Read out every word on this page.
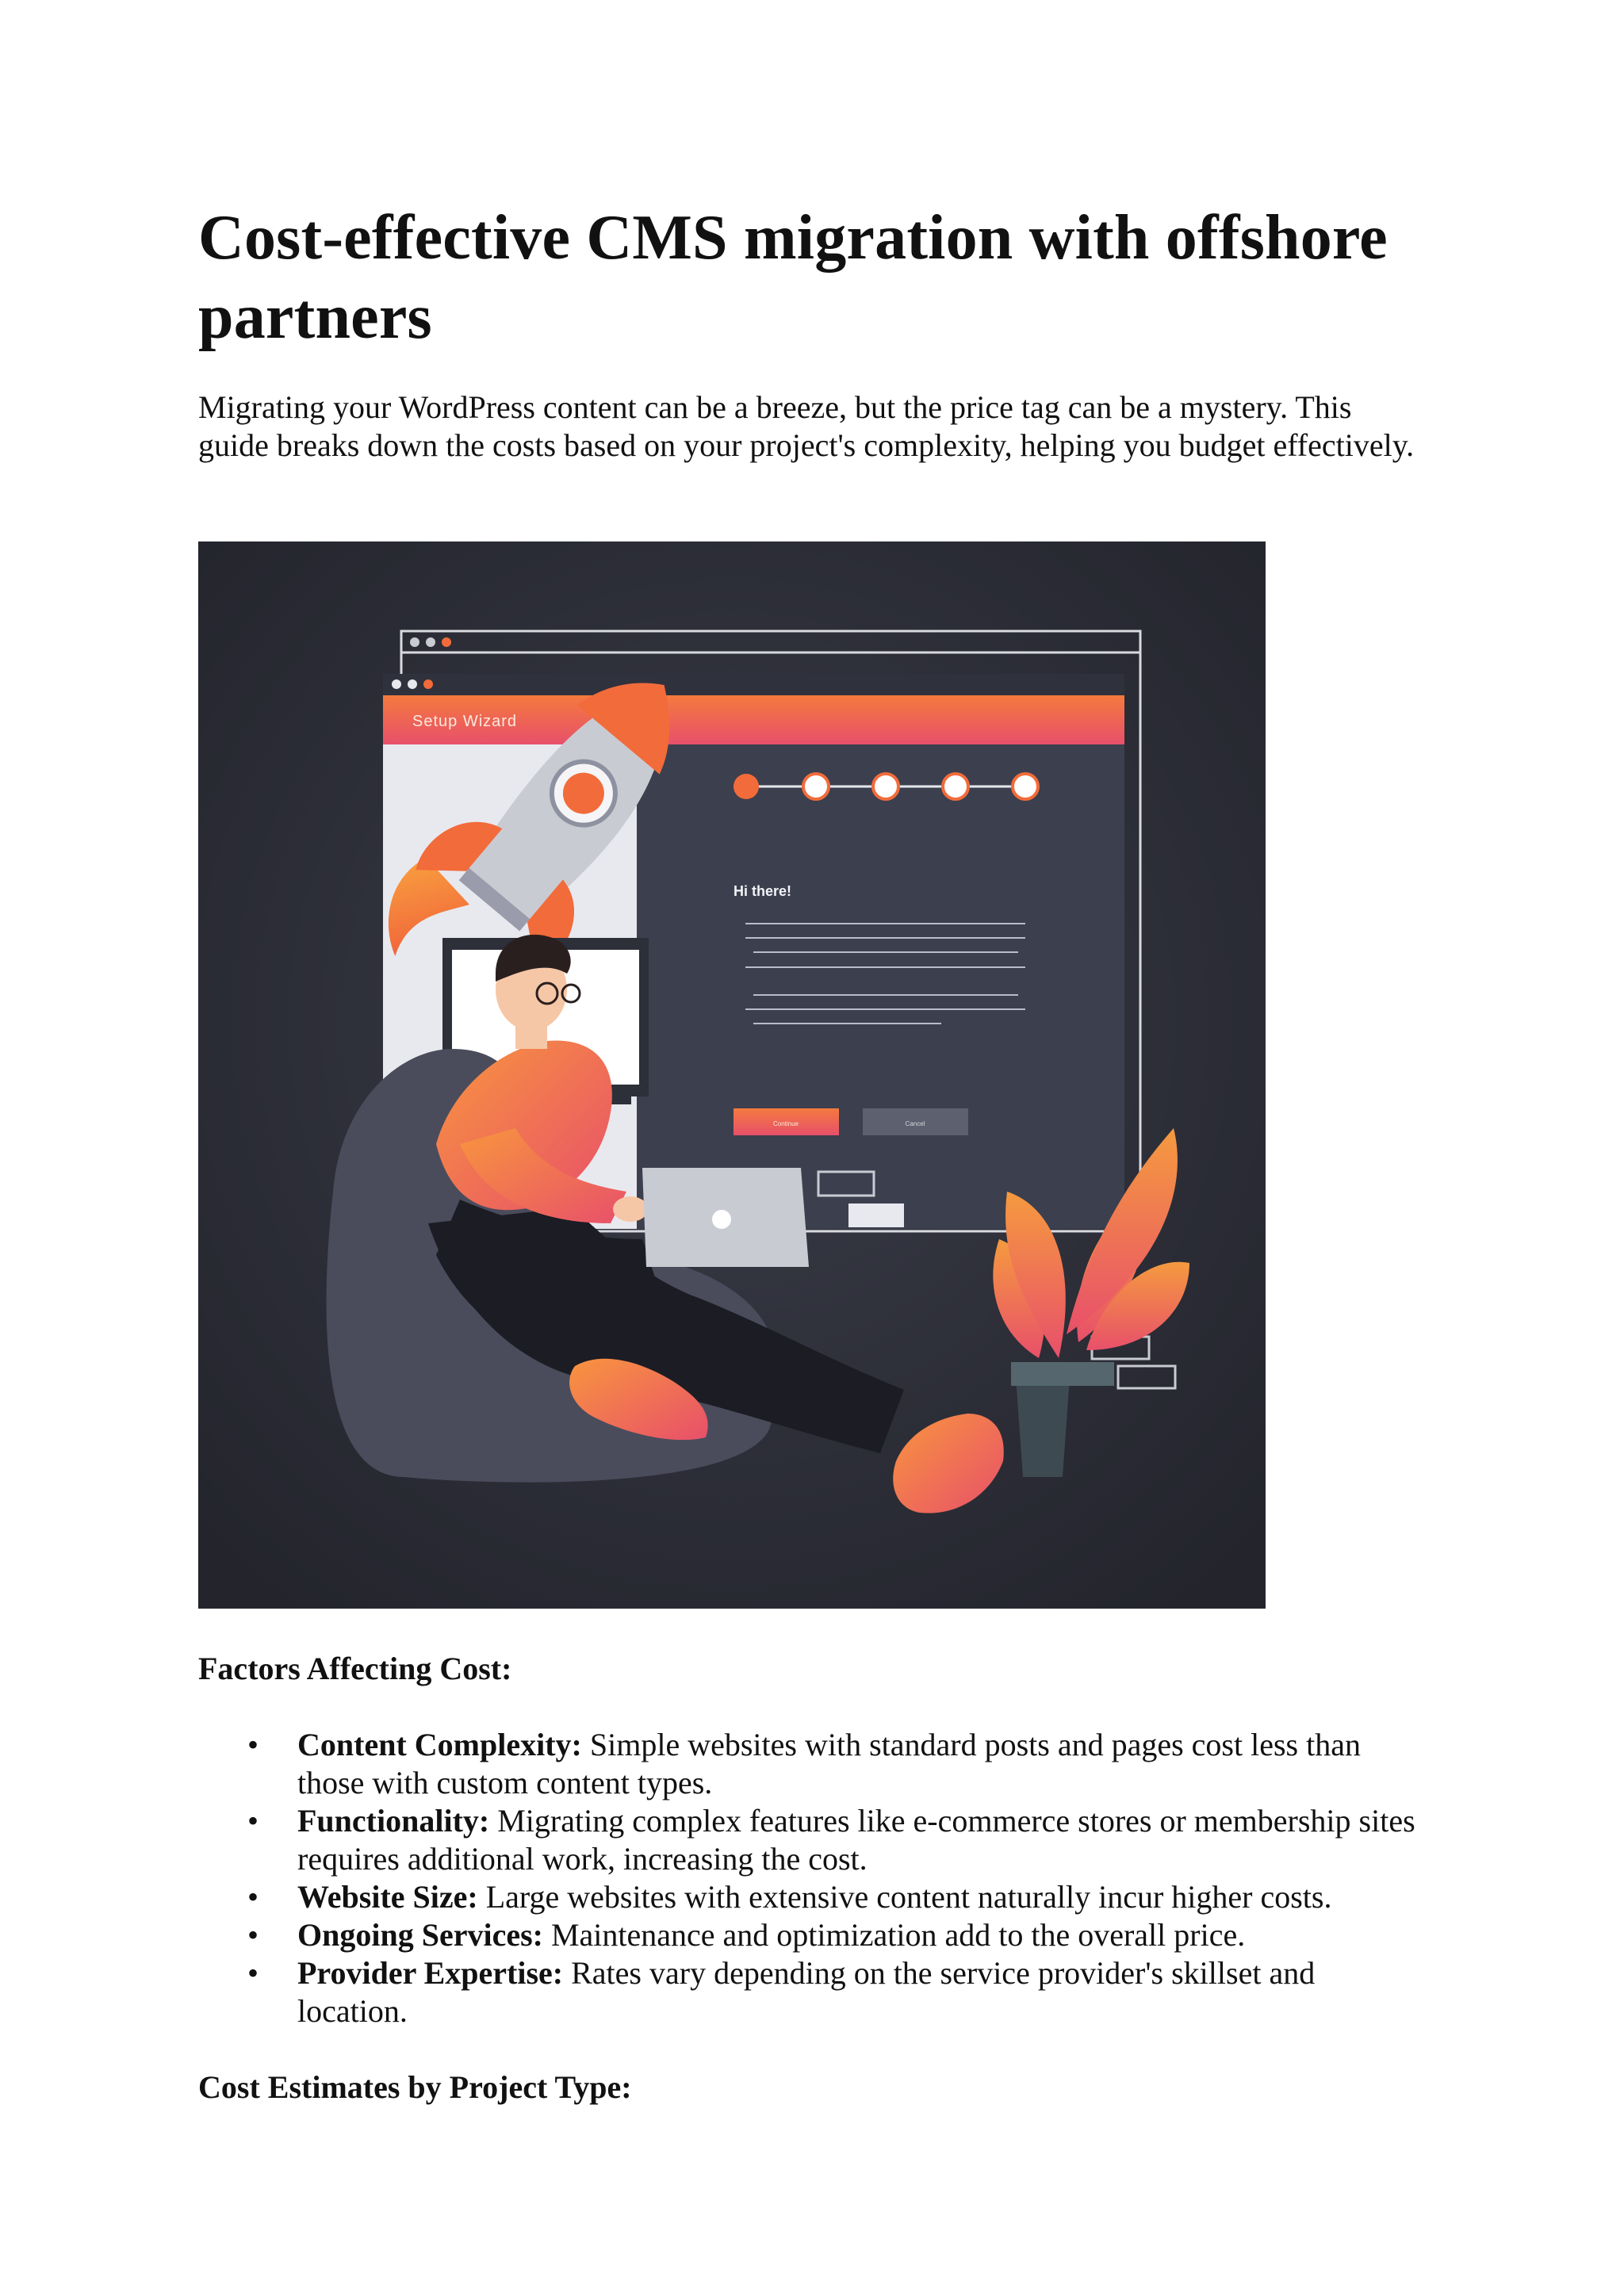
Cost-effective CMS migration with offshore partners

Migrating your WordPress content can be a breeze, but the price tag can be a mystery. This guide breaks down the costs based on your project's complexity, helping you budget effectively.

Setup Wizard
Hi there!
Continue	Cancel

Factors Affecting Cost:

• Content Complexity: Simple websites with standard posts and pages cost less than those with custom content types.
• Functionality: Migrating complex features like e-commerce stores or membership sites requires additional work, increasing the cost.
• Website Size: Large websites with extensive content naturally incur higher costs.
• Ongoing Services: Maintenance and optimization add to the overall price.
• Provider Expertise: Rates vary depending on the service provider's skillset and location.

Cost Estimates by Project Type:
